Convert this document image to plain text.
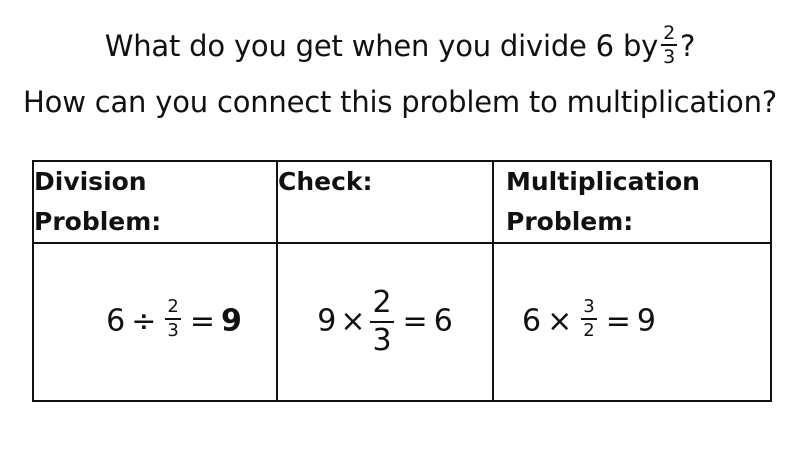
What do you get when you divide 6 by $\frac{2}{3}$ ?
How can you connect this problem to multiplication?
Division Problem:	Check:	Multiplication Problem:
$6 \div \frac{2}{3} = 9$	$9 \times \frac{2}{3} = 6$	$6 \times \frac{3}{2} = 9$
